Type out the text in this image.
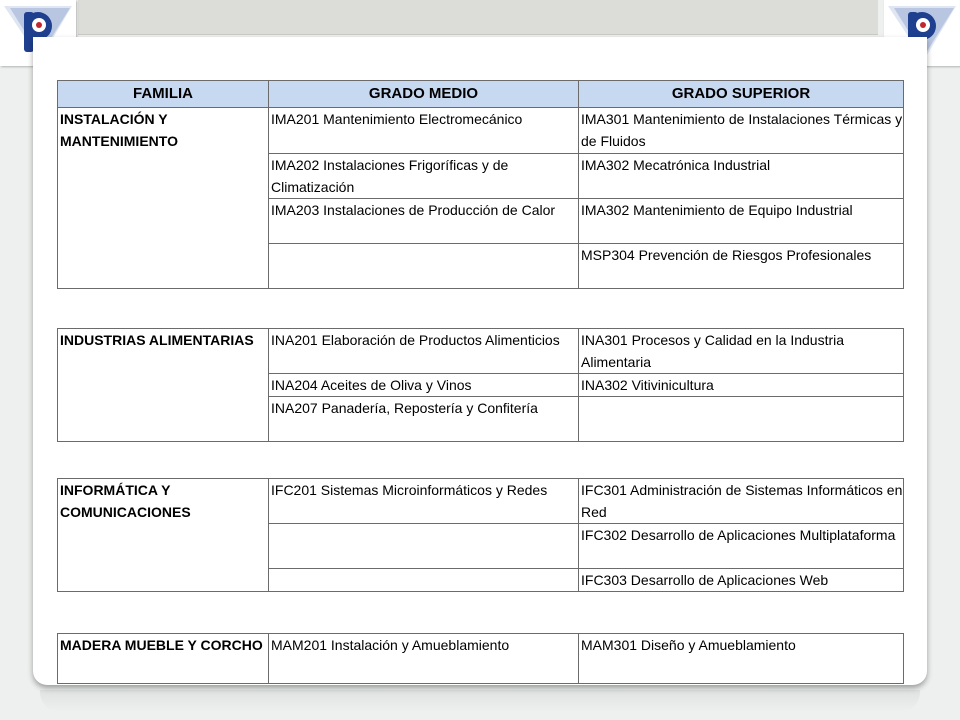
FAMILIA	GRADO MEDIO	GRADO SUPERIOR
INSTALACIÓN Y MANTENIMIENTO	IMA201 Mantenimiento Electromecánico	IMA301 Mantenimiento de Instalaciones Térmicas y de Fluidos
	IMA202 Instalaciones Frigoríficas y de Climatización	IMA302 Mecatrónica Industrial
	IMA203 Instalaciones de Producción de Calor	IMA302 Mantenimiento de Equipo Industrial
		MSP304 Prevención de Riesgos Profesionales
INDUSTRIAS ALIMENTARIAS	INA201 Elaboración de Productos Alimenticios	INA301 Procesos y Calidad en la Industria Alimentaria
	INA204 Aceites de Oliva y Vinos	INA302 Vitivinicultura
	INA207 Panadería, Repostería y Confitería	
INFORMÁTICA Y COMUNICACIONES	IFC201 Sistemas Microinformáticos y Redes	IFC301 Administración de Sistemas Informáticos en Red
		IFC302 Desarrollo de Aplicaciones Multiplataforma
		IFC303 Desarrollo de Aplicaciones Web
MADERA MUEBLE Y CORCHO	MAM201 Instalación y Amueblamiento	MAM301 Diseño y Amueblamiento
